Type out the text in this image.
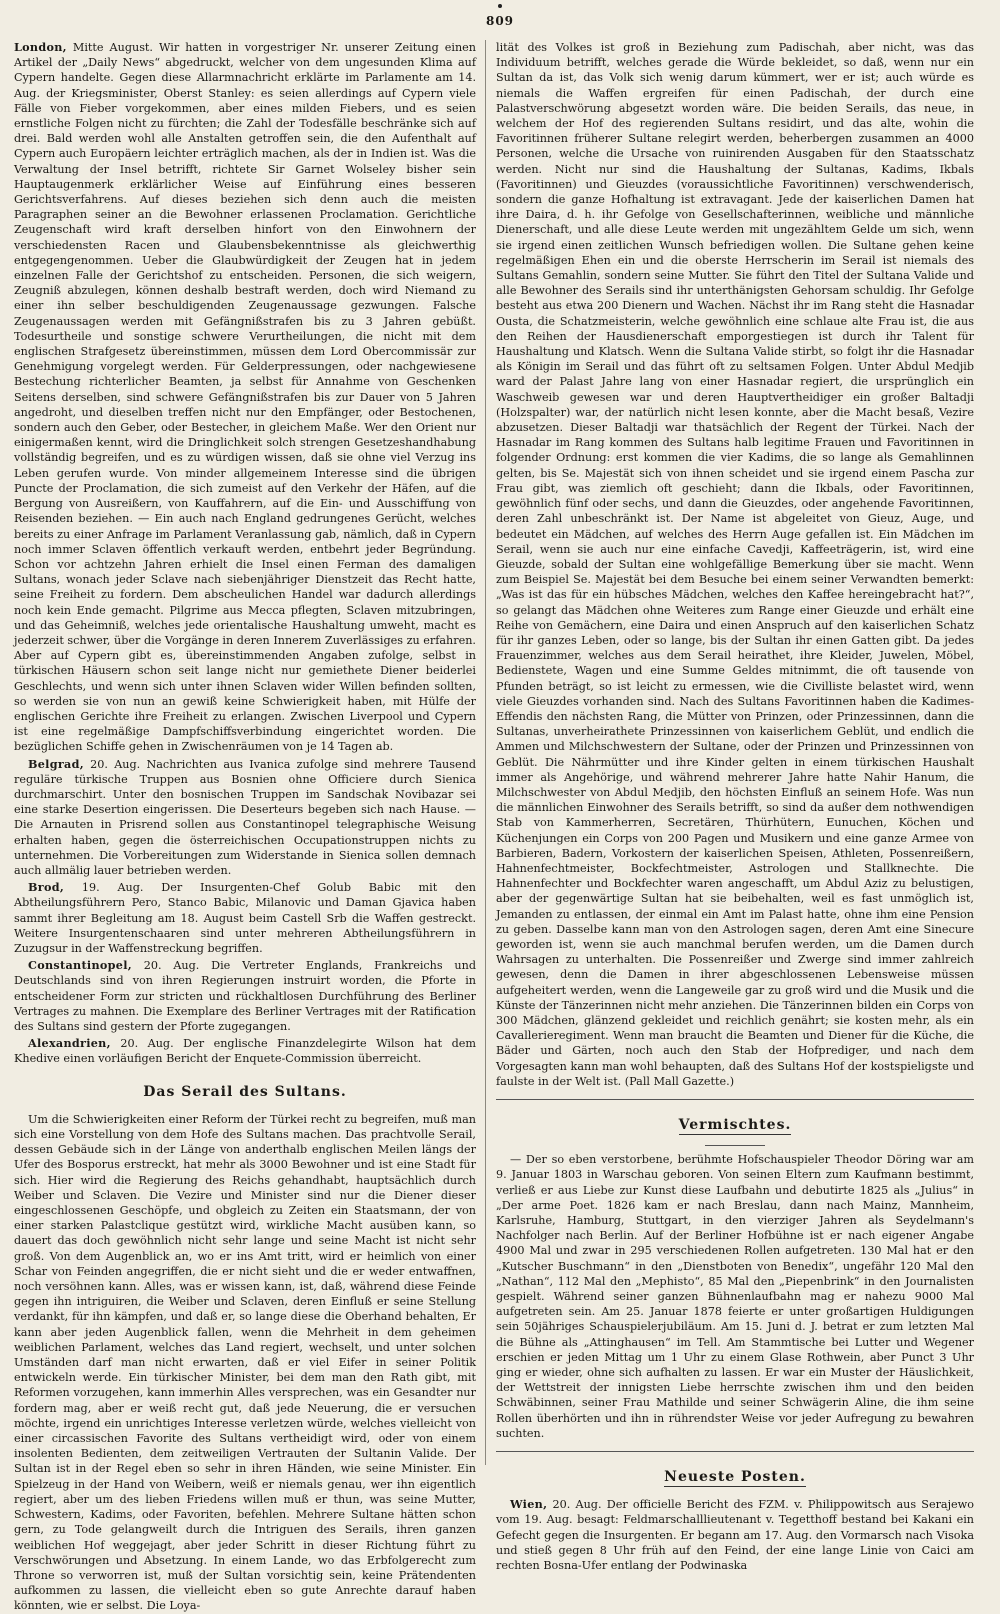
809

London, Mitte August. Wir hatten in vorgestriger Nr. unserer Zeitung einen Artikel der „Daily News“ abgedruckt, welcher von dem ungesunden Klima auf Cypern handelte. Gegen diese Allarmnachricht erklärte im Parlamente am 14. Aug. der Kriegsminister, Oberst Stanley: es seien allerdings auf Cypern viele Fälle von Fieber vorgekommen, aber eines milden Fiebers, und es seien ernstliche Folgen nicht zu fürchten; die Zahl der Todesfälle beschränke sich auf drei. Bald werden wohl alle Anstalten getroffen sein, die den Aufenthalt auf Cypern auch Europäern leichter erträglich machen, als der in Indien ist. Was die Verwaltung der Insel betrifft, richtete Sir Garnet Wolseley bisher sein Hauptaugenmerk erklärlicher Weise auf Einführung eines besseren Gerichtsverfahrens. Auf dieses beziehen sich denn auch die meisten Paragraphen seiner an die Bewohner erlassenen Proclamation. Gerichtliche Zeugenschaft wird kraft derselben hinfort von den Einwohnern der verschiedensten Racen und Glaubensbekenntnisse als gleichwerthig entgegengenommen. Ueber die Glaubwürdigkeit der Zeugen hat in jedem einzelnen Falle der Gerichtshof zu entscheiden. Personen, die sich weigern, Zeugniß abzulegen, können deshalb bestraft werden, doch wird Niemand zu einer ihn selber beschuldigenden Zeugenaussage gezwungen. Falsche Zeugenaussagen werden mit Gefängnißstrafen bis zu 3 Jahren gebüßt. Todesurtheile und sonstige schwere Verurtheilungen, die nicht mit dem englischen Strafgesetz übereinstimmen, müssen dem Lord Obercommissär zur Genehmigung vorgelegt werden. Für Gelderpressungen, oder nachgewiesene Bestechung richterlicher Beamten, ja selbst für Annahme von Geschenken Seitens derselben, sind schwere Gefängnißstrafen bis zur Dauer von 5 Jahren angedroht, und dieselben treffen nicht nur den Empfänger, oder Bestochenen, sondern auch den Geber, oder Bestecher, in gleichem Maße. Wer den Orient nur einigermaßen kennt, wird die Dringlichkeit solch strengen Gesetzeshandhabung vollständig begreifen, und es zu würdigen wissen, daß sie ohne viel Verzug ins Leben gerufen wurde. Von minder allgemeinem Interesse sind die übrigen Puncte der Proclamation, die sich zumeist auf den Verkehr der Häfen, auf die Bergung von Ausreißern, von Kauffahrern, auf die Ein- und Ausschiffung von Reisenden beziehen. — Ein auch nach England gedrungenes Gerücht, welches bereits zu einer Anfrage im Parlament Veranlassung gab, nämlich, daß in Cypern noch immer Sclaven öffentlich verkauft werden, entbehrt jeder Begründung. Schon vor achtzehn Jahren erhielt die Insel einen Ferman des damaligen Sultans, wonach jeder Sclave nach siebenjähriger Dienstzeit das Recht hatte, seine Freiheit zu fordern. Dem abscheulichen Handel war dadurch allerdings noch kein Ende gemacht. Pilgrime aus Mecca pflegten, Sclaven mitzubringen, und das Geheimniß, welches jede orientalische Haushaltung umweht, macht es jederzeit schwer, über die Vorgänge in deren Innerem Zuverlässiges zu erfahren. Aber auf Cypern gibt es, übereinstimmenden Angaben zufolge, selbst in türkischen Häusern schon seit lange nicht nur gemiethete Diener beiderlei Geschlechts, und wenn sich unter ihnen Sclaven wider Willen befinden sollten, so werden sie von nun an gewiß keine Schwierigkeit haben, mit Hülfe der englischen Gerichte ihre Freiheit zu erlangen. Zwischen Liverpool und Cypern ist eine regelmäßige Dampfschiffsverbindung eingerichtet worden. Die bezüglichen Schiffe gehen in Zwischenräumen von je 14 Tagen ab.

Belgrad, 20. Aug. Nachrichten aus Ivanica zufolge sind mehrere Tausend reguläre türkische Truppen aus Bosnien ohne Officiere durch Sienica durchmarschirt. Unter den bosnischen Truppen im Sandschak Novibazar sei eine starke Desertion eingerissen. Die Deserteurs begeben sich nach Hause. — Die Arnauten in Prisrend sollen aus Constantinopel telegraphische Weisung erhalten haben, gegen die österreichischen Occupationstruppen nichts zu unternehmen. Die Vorbereitungen zum Widerstande in Sienica sollen demnach auch allmälig lauer betrieben werden.

Brod, 19. Aug. Der Insurgenten-Chef Golub Babic mit den Abtheilungsführern Pero, Stanco Babic, Milanovic und Daman Gjavica haben sammt ihrer Begleitung am 18. August beim Castell Srb die Waffen gestreckt. Weitere Insurgentenschaaren sind unter mehreren Abtheilungsführern in Zuzugsur in der Waffenstreckung begriffen.

Constantinopel, 20. Aug. Die Vertreter Englands, Frankreichs und Deutschlands sind von ihren Regierungen instruirt worden, die Pforte in entscheidener Form zur stricten und rückhaltlosen Durchführung des Berliner Vertrages zu mahnen. Die Exemplare des Berliner Vertrages mit der Ratification des Sultans sind gestern der Pforte zugegangen.

Alexandrien, 20. Aug. Der englische Finanzdelegirte Wilson hat dem Khedive einen vorläufigen Bericht der Enquete-Commission überreicht.

Das Serail des Sultans.

Um die Schwierigkeiten einer Reform der Türkei recht zu begreifen, muß man sich eine Vorstellung von dem Hofe des Sultans machen. Das prachtvolle Serail, dessen Gebäude sich in der Länge von anderthalb englischen Meilen längs der Ufer des Bosporus erstreckt, hat mehr als 3000 Bewohner und ist eine Stadt für sich. Hier wird die Regierung des Reichs gehandhabt, hauptsächlich durch Weiber und Sclaven. Die Vezire und Minister sind nur die Diener dieser eingeschlossenen Geschöpfe, und obgleich zu Zeiten ein Staatsmann, der von einer starken Palastclique gestützt wird, wirkliche Macht ausüben kann, so dauert das doch gewöhnlich nicht sehr lange und seine Macht ist nicht sehr groß. Von dem Augenblick an, wo er ins Amt tritt, wird er heimlich von einer Schar von Feinden angegriffen, die er nicht sieht und die er weder entwaffnen, noch versöhnen kann. Alles, was er wissen kann, ist, daß, während diese Feinde gegen ihn intriguiren, die Weiber und Sclaven, deren Einfluß er seine Stellung verdankt, für ihn kämpfen, und daß er, so lange diese die Oberhand behalten, Er kann aber jeden Augenblick fallen, wenn die Mehrheit in dem geheimen weiblichen Parlament, welches das Land regiert, wechselt, und unter solchen Umständen darf man nicht erwarten, daß er viel Eifer in seiner Politik entwickeln werde. Ein türkischer Minister, bei dem man den Rath gibt, mit Reformen vorzugehen, kann immerhin Alles versprechen, was ein Gesandter nur fordern mag, aber er weiß recht gut, daß jede Neuerung, die er versuchen möchte, irgend ein unrichtiges Interesse verletzen würde, welches vielleicht von einer circassischen Favorite des Sultans vertheidigt wird, oder von einem insolenten Bedienten, dem zeitweiligen Vertrauten der Sultanin Valide. Der Sultan ist in der Regel eben so sehr in ihren Händen, wie seine Minister. Ein Spielzeug in der Hand von Weibern, weiß er niemals genau, wer ihn eigentlich regiert, aber um des lieben Friedens willen muß er thun, was seine Mutter, Schwestern, Kadims, oder Favoriten, befehlen. Mehrere Sultane hätten schon gern, zu Tode gelangweilt durch die Intriguen des Serails, ihren ganzen weiblichen Hof weggejagt, aber jeder Schritt in dieser Richtung führt zu Verschwörungen und Absetzung. In einem Lande, wo das Erbfolgerecht zum Throne so verworren ist, muß der Sultan vorsichtig sein, keine Prätendenten aufkommen zu lassen, die vielleicht eben so gute Anrechte darauf haben könnten, wie er selbst. Die Loya-

lität des Volkes ist groß in Beziehung zum Padischah, aber nicht, was das Individuum betrifft, welches gerade die Würde bekleidet, so daß, wenn nur ein Sultan da ist, das Volk sich wenig darum kümmert, wer er ist; auch würde es niemals die Waffen ergreifen für einen Padischah, der durch eine Palastverschwörung abgesetzt worden wäre. Die beiden Serails, das neue, in welchem der Hof des regierenden Sultans residirt, und das alte, wohin die Favoritinnen früherer Sultane relegirt werden, beherbergen zusammen an 4000 Personen, welche die Ursache von ruinirenden Ausgaben für den Staatsschatz werden. Nicht nur sind die Haushaltung der Sultanas, Kadims, Ikbals (Favoritinnen) und Gieuzdes (voraussichtliche Favoritinnen) verschwenderisch, sondern die ganze Hofhaltung ist extravagant. Jede der kaiserlichen Damen hat ihre Daira, d. h. ihr Gefolge von Gesellschafterinnen, weibliche und männliche Dienerschaft, und alle diese Leute werden mit ungezähltem Gelde um sich, wenn sie irgend einen zeitlichen Wunsch befriedigen wollen. Die Sultane gehen keine regelmäßigen Ehen ein und die oberste Herrscherin im Serail ist niemals des Sultans Gemahlin, sondern seine Mutter. Sie führt den Titel der Sultana Valide und alle Bewohner des Serails sind ihr unterthänigsten Gehorsam schuldig. Ihr Gefolge besteht aus etwa 200 Dienern und Wachen. Nächst ihr im Rang steht die Hasnadar Ousta, die Schatzmeisterin, welche gewöhnlich eine schlaue alte Frau ist, die aus den Reihen der Hausdienerschaft emporgestiegen ist durch ihr Talent für Haushaltung und Klatsch. Wenn die Sultana Valide stirbt, so folgt ihr die Hasnadar als Königin im Serail und das führt oft zu seltsamen Folgen. Unter Abdul Medjib ward der Palast Jahre lang von einer Hasnadar regiert, die ursprünglich ein Waschweib gewesen war und deren Hauptvertheidiger ein großer Baltadji (Holzspalter) war, der natürlich nicht lesen konnte, aber die Macht besaß, Vezire abzusetzen. Dieser Baltadji war thatsächlich der Regent der Türkei. Nach der Hasnadar im Rang kommen des Sultans halb legitime Frauen und Favoritinnen in folgender Ordnung: erst kommen die vier Kadims, die so lange als Gemahlinnen gelten, bis Se. Majestät sich von ihnen scheidet und sie irgend einem Pascha zur Frau gibt, was ziemlich oft geschieht; dann die Ikbals, oder Favoritinnen, gewöhnlich fünf oder sechs, und dann die Gieuzdes, oder angehende Favoritinnen, deren Zahl unbeschränkt ist. Der Name ist abgeleitet von Gieuz, Auge, und bedeutet ein Mädchen, auf welches des Herrn Auge gefallen ist. Ein Mädchen im Serail, wenn sie auch nur eine einfache Cavedji, Kaffeeträgerin, ist, wird eine Gieuzde, sobald der Sultan eine wohlgefällige Bemerkung über sie macht. Wenn zum Beispiel Se. Majestät bei dem Besuche bei einem seiner Verwandten bemerkt: „Was ist das für ein hübsches Mädchen, welches den Kaffee hereingebracht hat?“, so gelangt das Mädchen ohne Weiteres zum Range einer Gieuzde und erhält eine Reihe von Gemächern, eine Daira und einen Anspruch auf den kaiserlichen Schatz für ihr ganzes Leben, oder so lange, bis der Sultan ihr einen Gatten gibt. Da jedes Frauenzimmer, welches aus dem Serail heirathet, ihre Kleider, Juwelen, Möbel, Bedienstete, Wagen und eine Summe Geldes mitnimmt, die oft tausende von Pfunden beträgt, so ist leicht zu ermessen, wie die Civilliste belastet wird, wenn viele Gieuzdes vorhanden sind. Nach des Sultans Favoritinnen haben die Kadimes-Effendis den nächsten Rang, die Mütter von Prinzen, oder Prinzessinnen, dann die Sultanas, unverheirathete Prinzessinnen von kaiserlichem Geblüt, und endlich die Ammen und Milchschwestern der Sultane, oder der Prinzen und Prinzessinnen von Geblüt. Die Nährmütter und ihre Kinder gelten in einem türkischen Haushalt immer als Angehörige, und während mehrerer Jahre hatte Nahir Hanum, die Milchschwester von Abdul Medjib, den höchsten Einfluß an seinem Hofe. Was nun die männlichen Einwohner des Serails betrifft, so sind da außer dem nothwendigen Stab von Kammerherren, Secretären, Thürhütern, Eunuchen, Köchen und Küchenjungen ein Corps von 200 Pagen und Musikern und eine ganze Armee von Barbieren, Badern, Vorkostern der kaiserlichen Speisen, Athleten, Possenreißern, Hahnenfechtmeister, Bockfechtmeister, Astrologen und Stallknechte. Die Hahnenfechter und Bockfechter waren angeschafft, um Abdul Aziz zu belustigen, aber der gegenwärtige Sultan hat sie beibehalten, weil es fast unmöglich ist, Jemanden zu entlassen, der einmal ein Amt im Palast hatte, ohne ihm eine Pension zu geben. Dasselbe kann man von den Astrologen sagen, deren Amt eine Sinecure geworden ist, wenn sie auch manchmal berufen werden, um die Damen durch Wahrsagen zu unterhalten. Die Possenreißer und Zwerge sind immer zahlreich gewesen, denn die Damen in ihrer abgeschlossenen Lebensweise müssen aufgeheitert werden, wenn die Langeweile gar zu groß wird und die Musik und die Künste der Tänzerinnen nicht mehr anziehen. Die Tänzerinnen bilden ein Corps von 300 Mädchen, glänzend gekleidet und reichlich genährt; sie kosten mehr, als ein Cavallerieregiment. Wenn man braucht die Beamten und Diener für die Küche, die Bäder und Gärten, noch auch den Stab der Hofprediger, und nach dem Vorgesagten kann man wohl behaupten, daß des Sultans Hof der kostspieligste und faulste in der Welt ist. (Pall Mall Gazette.)

Vermischtes.

— Der so eben verstorbene, berühmte Hofschauspieler Theodor Döring war am 9. Januar 1803 in Warschau geboren. Von seinen Eltern zum Kaufmann bestimmt, verließ er aus Liebe zur Kunst diese Laufbahn und debutirte 1825 als „Julius“ in „Der arme Poet. 1826 kam er nach Breslau, dann nach Mainz, Mannheim, Karlsruhe, Hamburg, Stuttgart, in den vierziger Jahren als Seydelmann's Nachfolger nach Berlin. Auf der Berliner Hofbühne ist er nach eigener Angabe 4900 Mal und zwar in 295 verschiedenen Rollen aufgetreten. 130 Mal hat er den „Kutscher Buschmann“ in den „Dienstboten von Benedix“, ungefähr 120 Mal den „Nathan“, 112 Mal den „Mephisto“, 85 Mal den „Piepenbrink“ in den Journalisten gespielt. Während seiner ganzen Bühnenlaufbahn mag er nahezu 9000 Mal aufgetreten sein. Am 25. Januar 1878 feierte er unter großartigen Huldigungen sein 50jähriges Schauspielerjubiläum. Am 15. Juni d. J. betrat er zum letzten Mal die Bühne als „Attinghausen“ im Tell. Am Stammtische bei Lutter und Wegener erschien er jeden Mittag um 1 Uhr zu einem Glase Rothwein, aber Punct 3 Uhr ging er wieder, ohne sich aufhalten zu lassen. Er war ein Muster der Häuslichkeit, der Wettstreit der innigsten Liebe herrschte zwischen ihm und den beiden Schwäbinnen, seiner Frau Mathilde und seiner Schwägerin Aline, die ihm seine Rollen überhörten und ihn in rührendster Weise vor jeder Aufregung zu bewahren suchten.

Neueste Posten.

Wien, 20. Aug. Der officielle Bericht des FZM. v. Philippowitsch aus Serajewo vom 19. Aug. besagt: Feldmarschalllieutenant v. Tegetthoff bestand bei Kakani ein Gefecht gegen die Insurgenten. Er begann am 17. Aug. den Vormarsch nach Visoka und stieß gegen 8 Uhr früh auf den Feind, der eine lange Linie von Caici am rechten Bosna-Ufer entlang der Podwinaska
